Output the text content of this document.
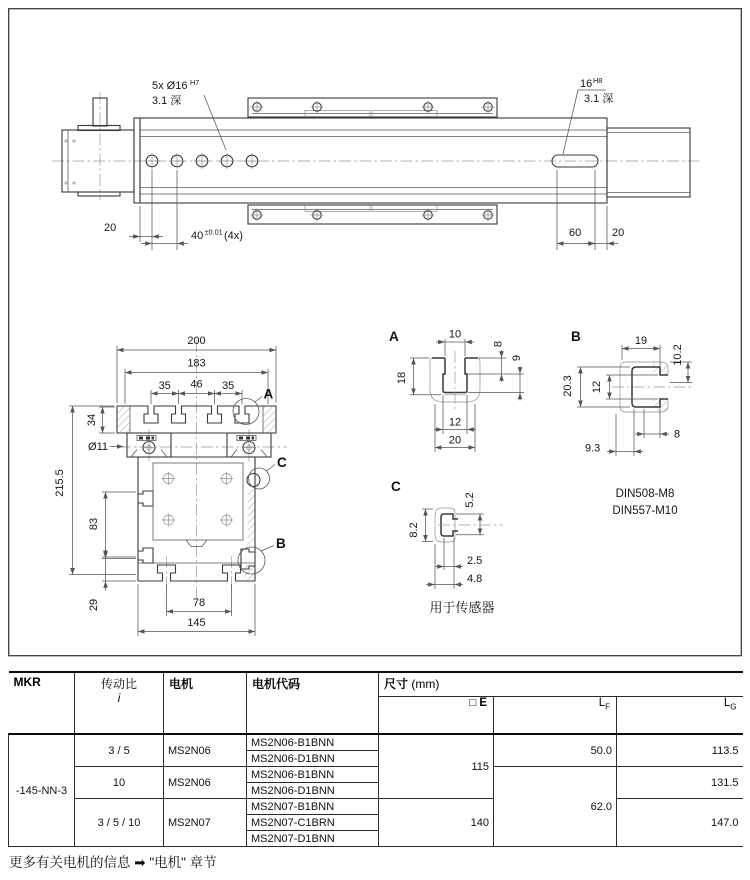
5x Ø16 H7
3.1 深
16 H8
3.1 深
20
40 ±0.01 (4x)	60	20
200
183
35 46 35
34
Ø11
215.5
83
29	78
145
A
C
B
A	10
8
9
18
12
20
B	19
10.2
20.3 12
8
9.3
DIN508-M8
DIN557-M10
C
8.2
5.2
2.5
4.8
用于传感器
MKR	传动比
i	电机	电机代码	尺寸 (mm)		
				□ E	$L_F$	$L_G$
-145-NN-3	3 / 5	MS2N06	MS2N06-B1BNN	115	50.0	113.5
			MS2N06-D1BNN			
	10	MS2N06	MS2N06-B1BNN		62.0	131.5
			MS2N06-D1BNN			
	3 / 5 / 10	MS2N07	MS2N07-B1BNN	140		147.0
			MS2N07-C1BRN			
			MS2N07-D1BNN			
更多有关电机的信息 ➡ "电机" 章节
